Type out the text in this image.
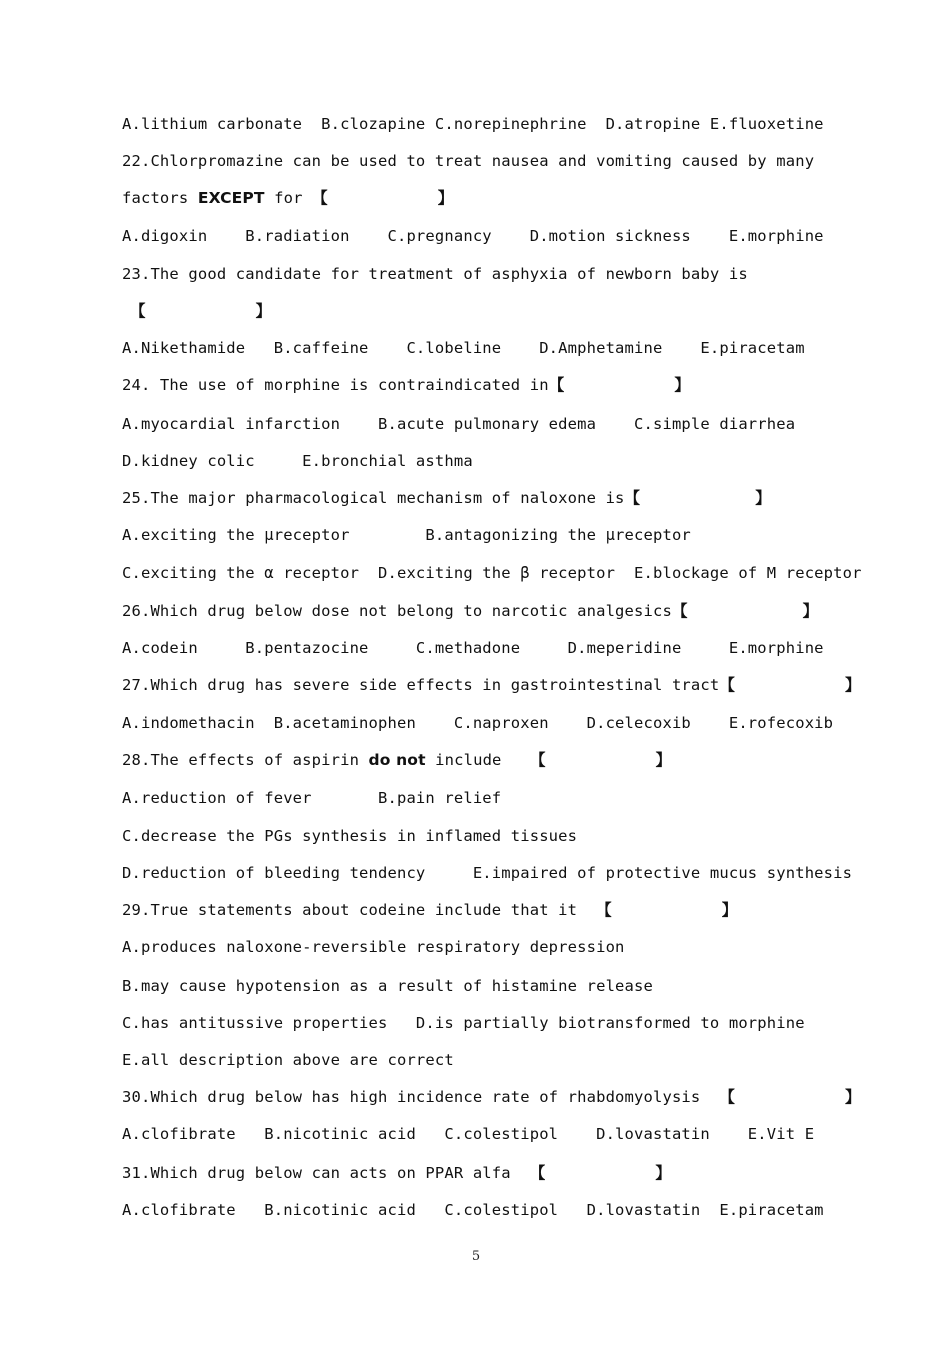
A.lithium carbonate  B.clozapine C.norepinephrine  D.atropine E.fluoxetine
22.Chlorpromazine can be used to treat nausea and vomiting caused by many
factors EXCEPT for 【	】
A.digoxin    B.radiation    C.pregnancy    D.motion sickness    E.morphine
23.The good candidate for treatment of asphyxia of newborn baby is
【	】
A.Nikethamide   B.caffeine    C.lobeline    D.Amphetamine    E.piracetam
24. The use of morphine is contraindicated in【	】
A.myocardial infarction    B.acute pulmonary edema    C.simple diarrhea
D.kidney colic     E.bronchial asthma
25.The major pharmacological mechanism of naloxone is【	】
A.exciting the μreceptor        B.antagonizing the μreceptor
C.exciting the α receptor  D.exciting the β receptor  E.blockage of M receptor
26.Which drug below dose not belong to narcotic analgesics【	】
A.codein     B.pentazocine     C.methadone     D.meperidine     E.morphine
27.Which drug has severe side effects in gastrointestinal tract【	】
A.indomethacin  B.acetaminophen    C.naproxen    D.celecoxib    E.rofecoxib
28.The effects of aspirin do not include   【	】
A.reduction of fever       B.pain relief
C.decrease the PGs synthesis in inflamed tissues
D.reduction of bleeding tendency     E.impaired of protective mucus synthesis
29.True statements about codeine include that it  【	】
A.produces naloxone-reversible respiratory depression
B.may cause hypotension as a result of histamine release
C.has antitussive properties   D.is partially biotransformed to morphine
E.all description above are correct
30.Which drug below has high incidence rate of rhabdomyolysis  【	】
A.clofibrate   B.nicotinic acid   C.colestipol    D.lovastatin    E.Vit E
31.Which drug below can acts on PPAR alfa  【	】
A.clofibrate   B.nicotinic acid   C.colestipol   D.lovastatin  E.piracetam
5
